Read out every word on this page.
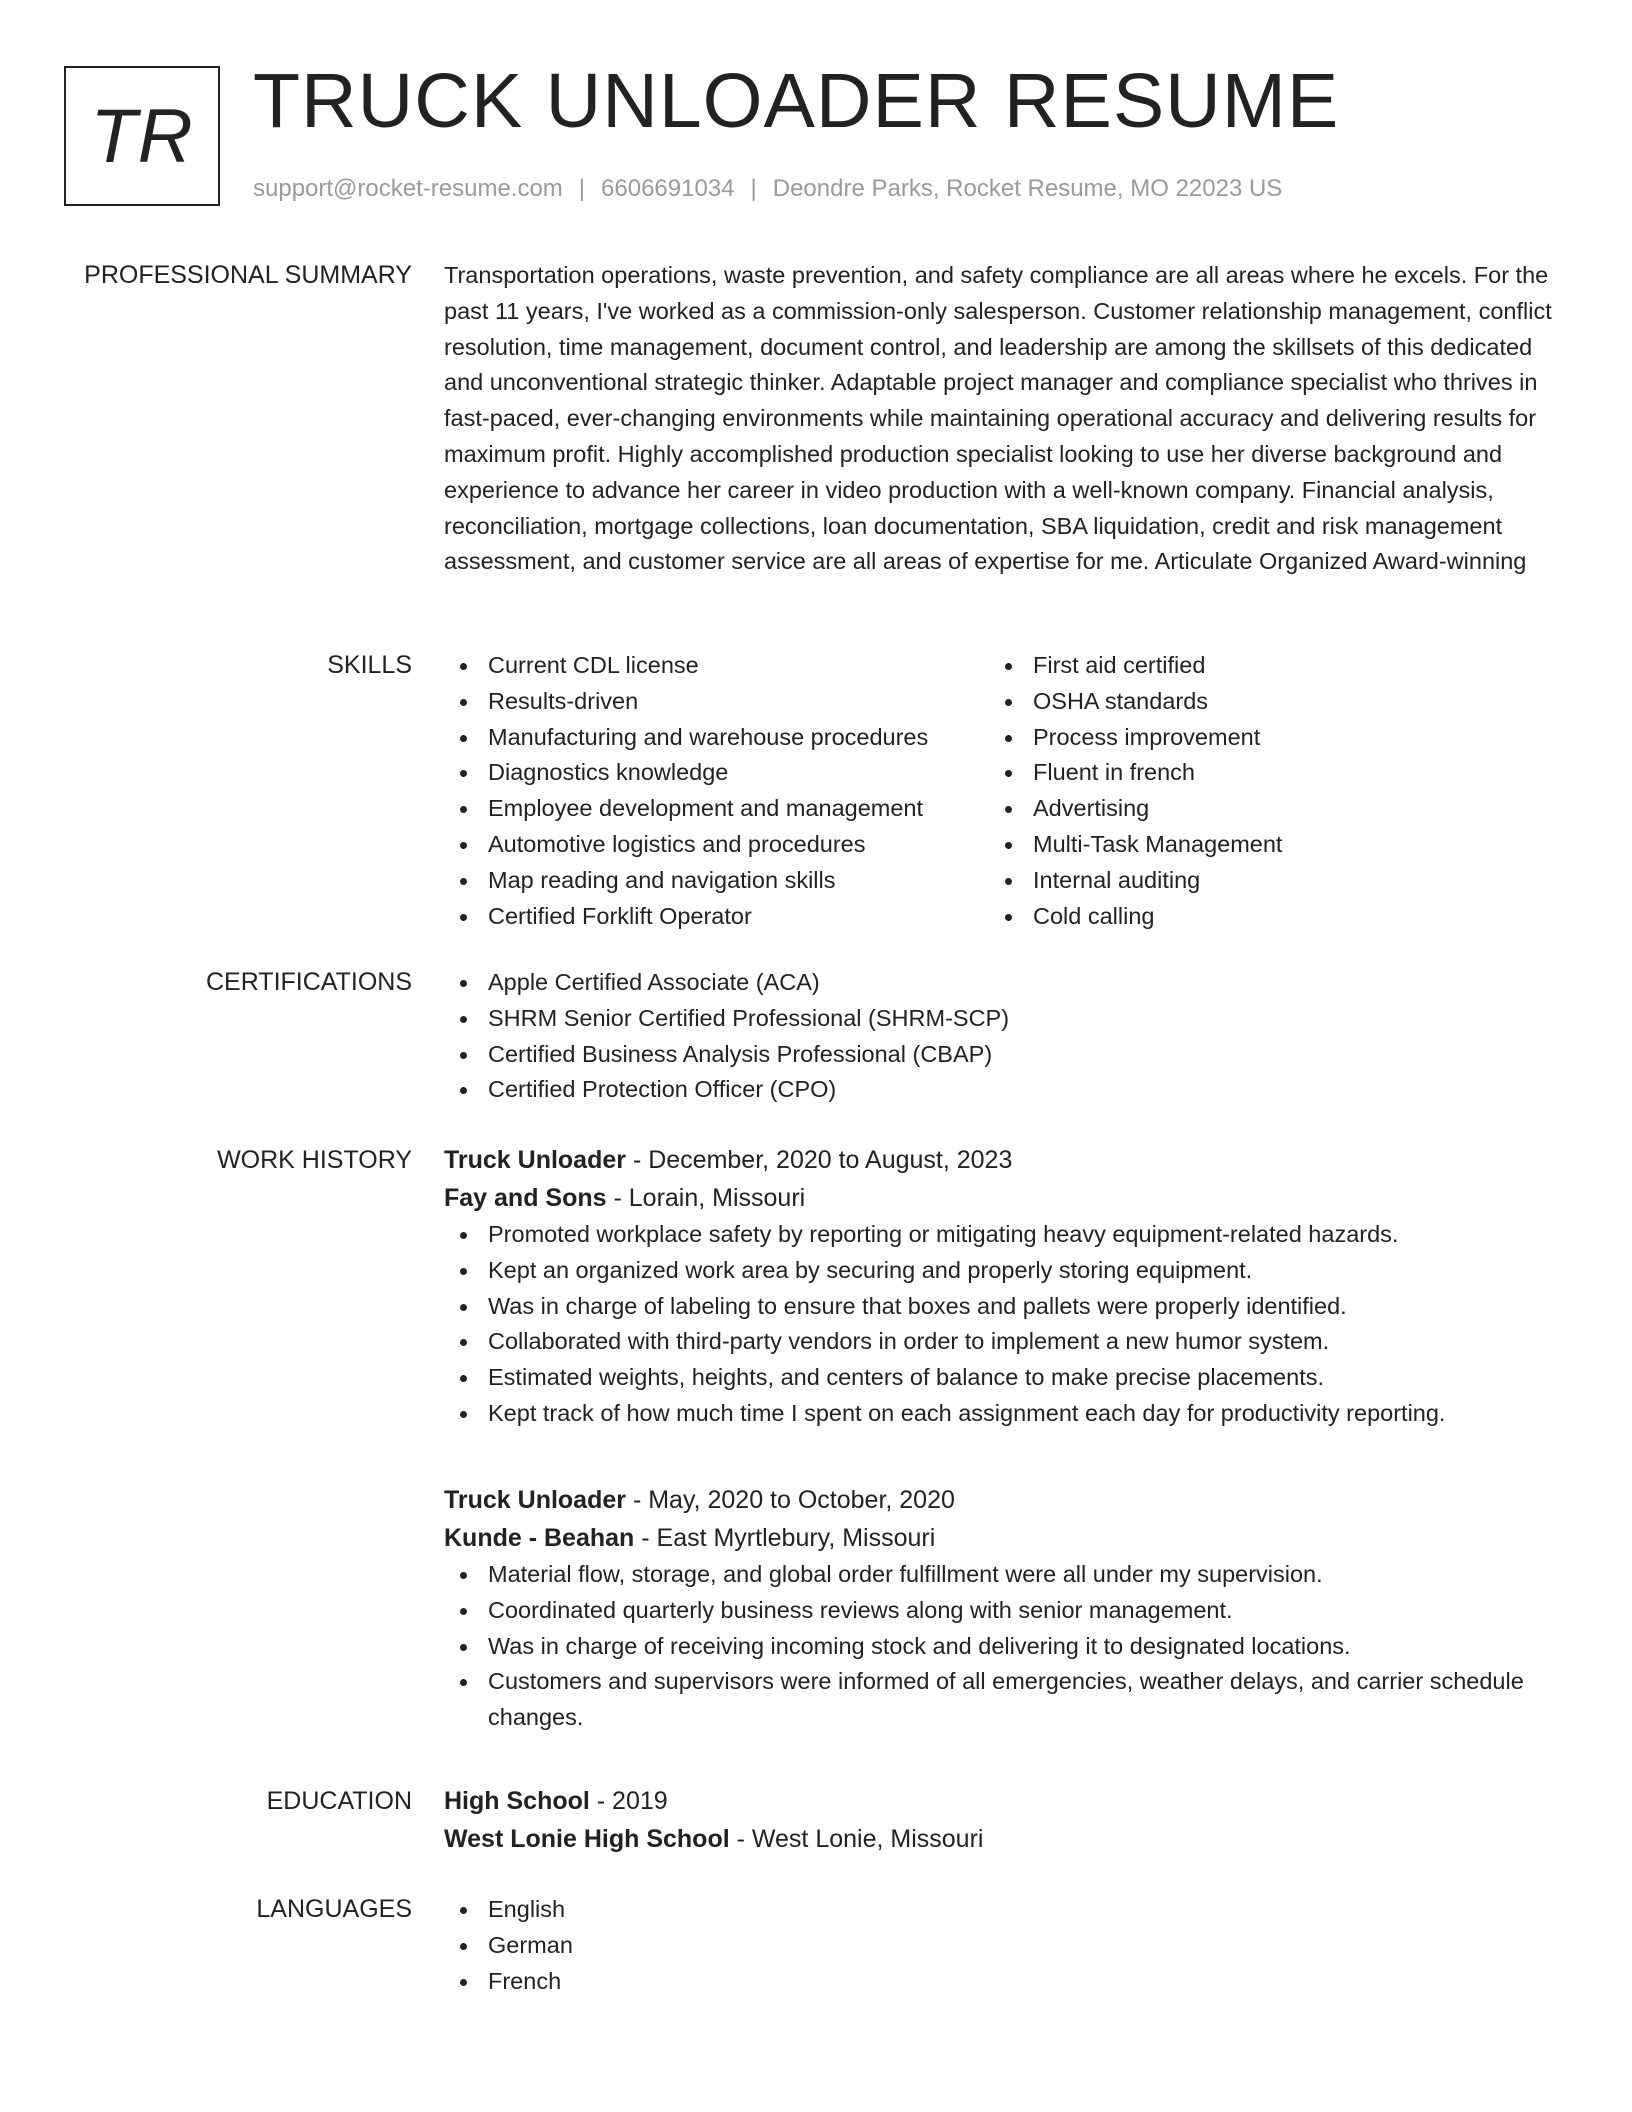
TR TRUCK UNLOADER RESUME
support@rocket-resume.com | 6606691034 | Deondre Parks, Rocket Resume, MO 22023 US
PROFESSIONAL SUMMARY Transportation operations, waste prevention, and safety compliance are all areas where he excels. For the past 11 years, I've worked as a commission-only salesperson. Customer relationship management, conflict resolution, time management, document control, and leadership are among the skillsets of this dedicated and unconventional strategic thinker. Adaptable project manager and compliance specialist who thrives in fast-paced, ever-changing environments while maintaining operational accuracy and delivering results for maximum profit. Highly accomplished production specialist looking to use her diverse background and experience to advance her career in video production with a well-known company. Financial analysis, reconciliation, mortgage collections, loan documentation, SBA liquidation, credit and risk management assessment, and customer service are all areas of expertise for me. Articulate Organized Award-winning

SKILLS	Current CDL license
Results-driven
Manufacturing and warehouse procedures
Diagnostics knowledge
Employee development and management
Automotive logistics and procedures
Map reading and navigation skills
Certified Forklift Operator
First aid certified
OSHA standards
Process improvement
Fluent in french
Advertising
Multi-Task Management
Internal auditing
Cold calling
CERTIFICATIONS	Apple Certified Associate (ACA)
SHRM Senior Certified Professional (SHRM-SCP)
Certified Business Analysis Professional (CBAP)
Certified Protection Officer (CPO)
WORK HISTORY Truck Unloader - December, 2020 to August, 2023
Fay and Sons - Lorain, Missouri
Promoted workplace safety by reporting or mitigating heavy equipment-related hazards.
Kept an organized work area by securing and properly storing equipment.
Was in charge of labeling to ensure that boxes and pallets were properly identified.
Collaborated with third-party vendors in order to implement a new humor system.
Estimated weights, heights, and centers of balance to make precise placements.
Kept track of how much time I spent on each assignment each day for productivity reporting.
Truck Unloader - May, 2020 to October, 2020
Kunde - Beahan - East Myrtlebury, Missouri
Material flow, storage, and global order fulfillment were all under my supervision.
Coordinated quarterly business reviews along with senior management.
Was in charge of receiving incoming stock and delivering it to designated locations.
Customers and supervisors were informed of all emergencies, weather delays, and carrier schedule changes.
EDUCATION High School - 2019
West Lonie High School - West Lonie, Missouri
LANGUAGES	English
German
French
